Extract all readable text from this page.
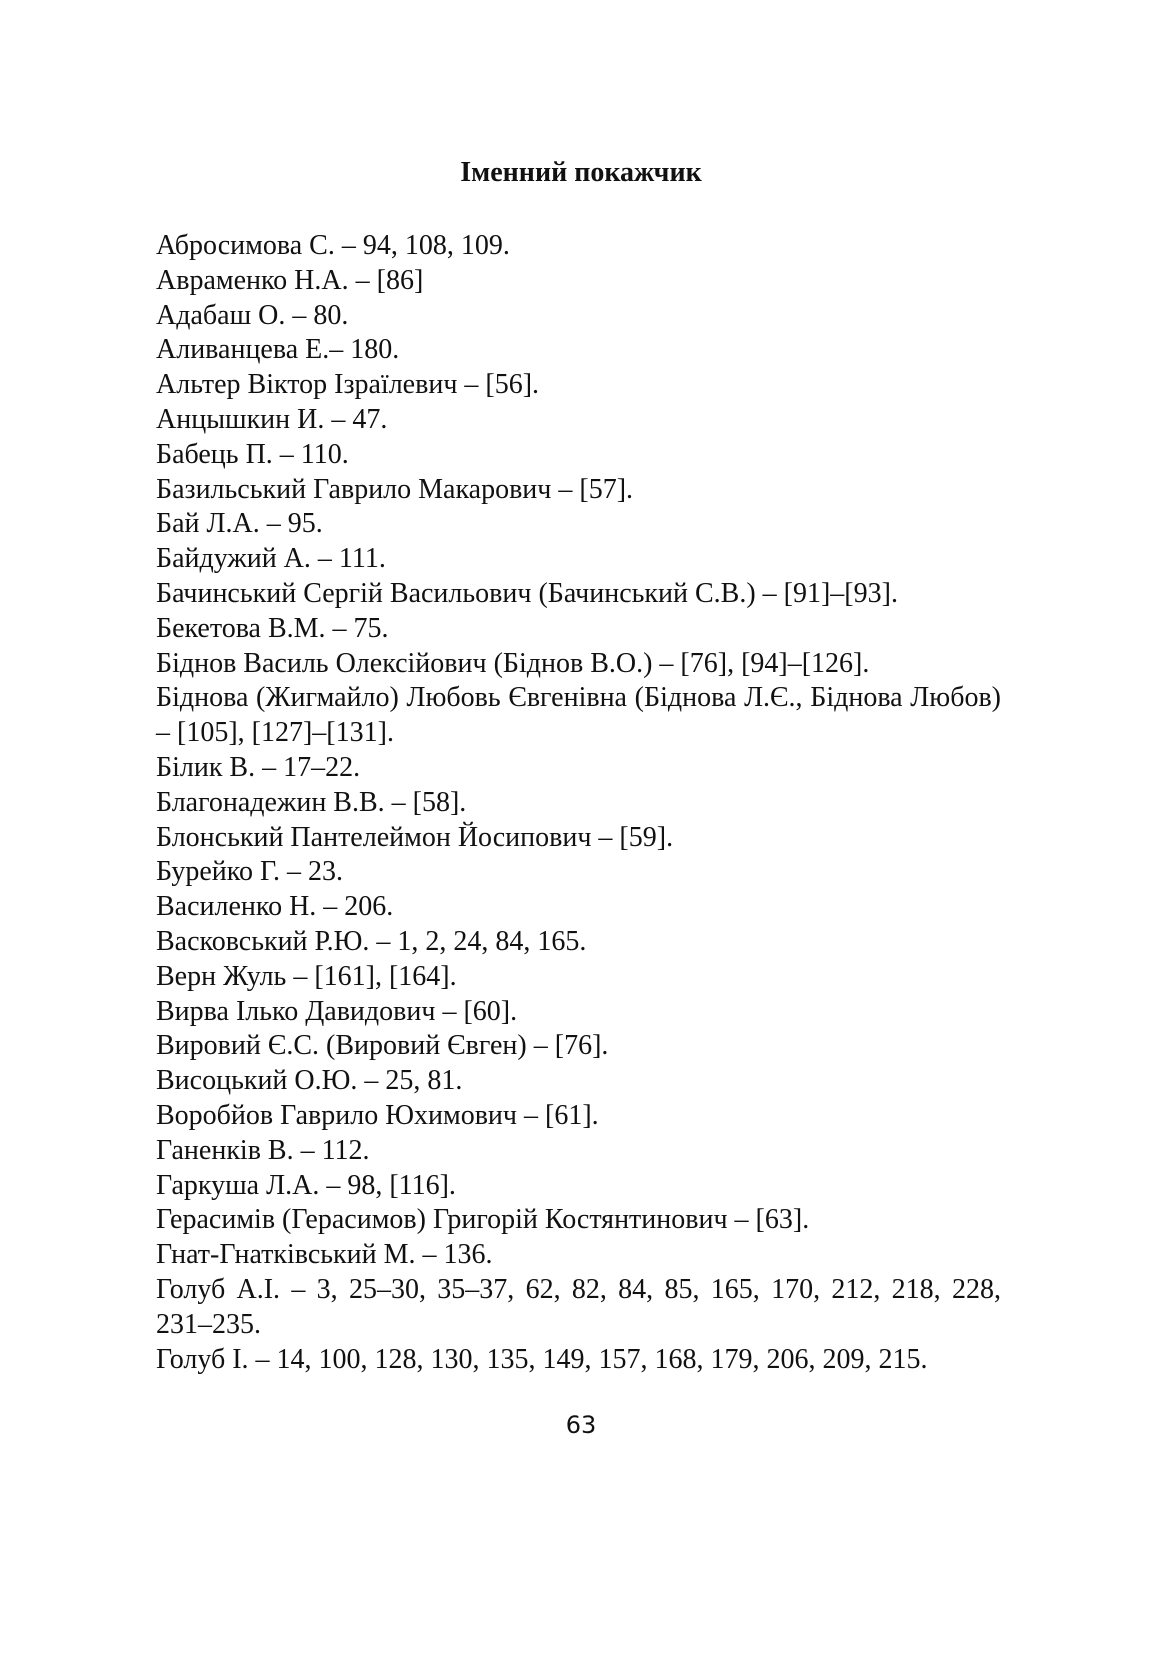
Іменний покажчик
Абросимова С. – 94, 108, 109.
Авраменко Н.А. – [86]
Адабаш О. – 80.
Аливанцева Е.– 180.
Альтер Віктор Ізраїлевич – [56].
Анцышкин И. – 47.
Бабець П. – 110.
Базильський Гаврило Макарович – [57].
Бай Л.А. – 95.
Байдужий А. – 111.
Бачинський Сергій Васильович (Бачинський С.В.) – [91]–[93].
Бекетова В.М. – 75.
Біднов Василь Олексійович (Біднов В.О.) – [76], [94]–[126].
Біднова (Жигмайло) Любовь Євгенівна (Біднова Л.Є., Біднова Любов) – [105], [127]–[131].
Білик В. – 17–22.
Благонадежин В.В. – [58].
Блонський Пантелеймон Йосипович – [59].
Бурейко Г. – 23.
Василенко Н. – 206.
Васковський Р.Ю. – 1, 2, 24, 84, 165.
Верн Жуль – [161], [164].
Вирва Ілько Давидович – [60].
Вировий Є.С. (Вировий Євген) – [76].
Висоцький О.Ю. – 25, 81.
Воробйов Гаврило Юхимович – [61].
Ганенків В. – 112.
Гаркуша Л.А. – 98, [116].
Герасимів (Герасимов) Григорій Костянтинович – [63].
Гнат-Гнатківський М. – 136.
Голуб А.І. – 3, 25–30, 35–37, 62, 82, 84, 85, 165, 170, 212, 218, 228, 231–235.
Голуб І. – 14, 100, 128, 130, 135, 149, 157, 168, 179, 206, 209, 215.
63
